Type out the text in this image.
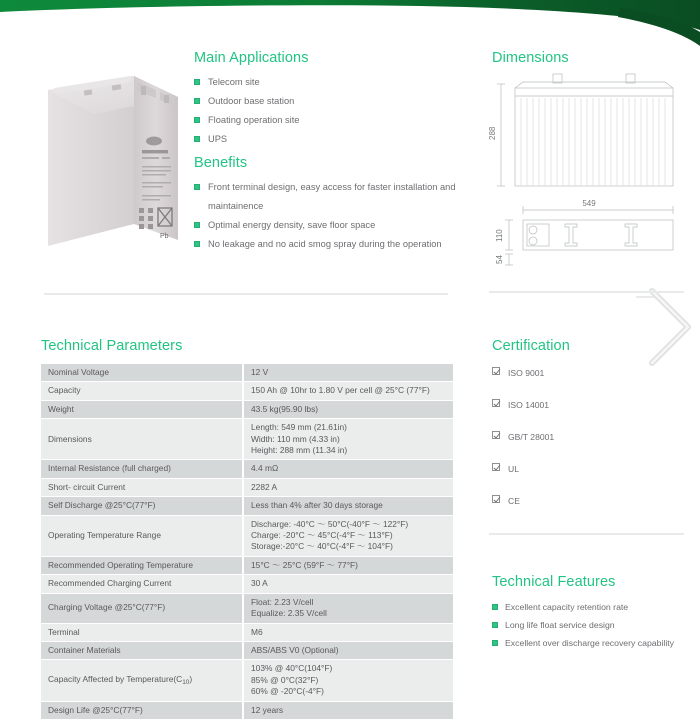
Pb
Main Applications
Telecom site
Outdoor base station
Floating operation site
UPS
Benefits
Front terminal design, easy access for faster installation and maintainence
Optimal energy density, save floor space
No leakage and no acid smog spray during the operation
Dimensions
288
549
110
54
Technical Parameters
Nominal Voltage	12 V

Capacity	150 Ah @ 10hr to 1.80 V per cell @ 25°C (77°F)

Weight	43.5 kg(95.90 lbs)

Dimensions	Length: 549 mm (21.61in)
Width: 110 mm (4.33 in)
Height: 288 mm (11.34 in)

Internal Resistance (full charged)	4.4 mΩ

Short- circuit Current	2282 A

Self Discharge @25°C(77°F)	Less than 4% after 30 days storage

Operating Temperature Range	Discharge: -40°C ～ 50°C(-40°F ～ 122°F)
Charge: -20°C ～ 45°C(-4°F ～ 113°F)
Storage:-20°C ～ 40°C(-4°F ～ 104°F)

Recommended Operating Temperature	15°C ～ 25°C (59°F ～ 77°F)

Recommended Charging Current	30 A

Charging Voltage @25°C(77°F)	Float: 2.23 V/cell
Equalize: 2.35 V/cell

Terminal	M6

Container Materials	ABS/ABS V0 (Optional)

Capacity Affected by $Temperature(C_{10})$	103% @ 40°C(104°F)
85% @ 0°C(32°F)
60% @ -20°C(-4°F)

Design Life @25°C(77°F)	12 years
Certification
ISO 9001
ISO 14001
GB/T 28001
UL
CE
Technical Features
Excellent capacity retention rate
Long life float service design
Excellent over discharge recovery capability
